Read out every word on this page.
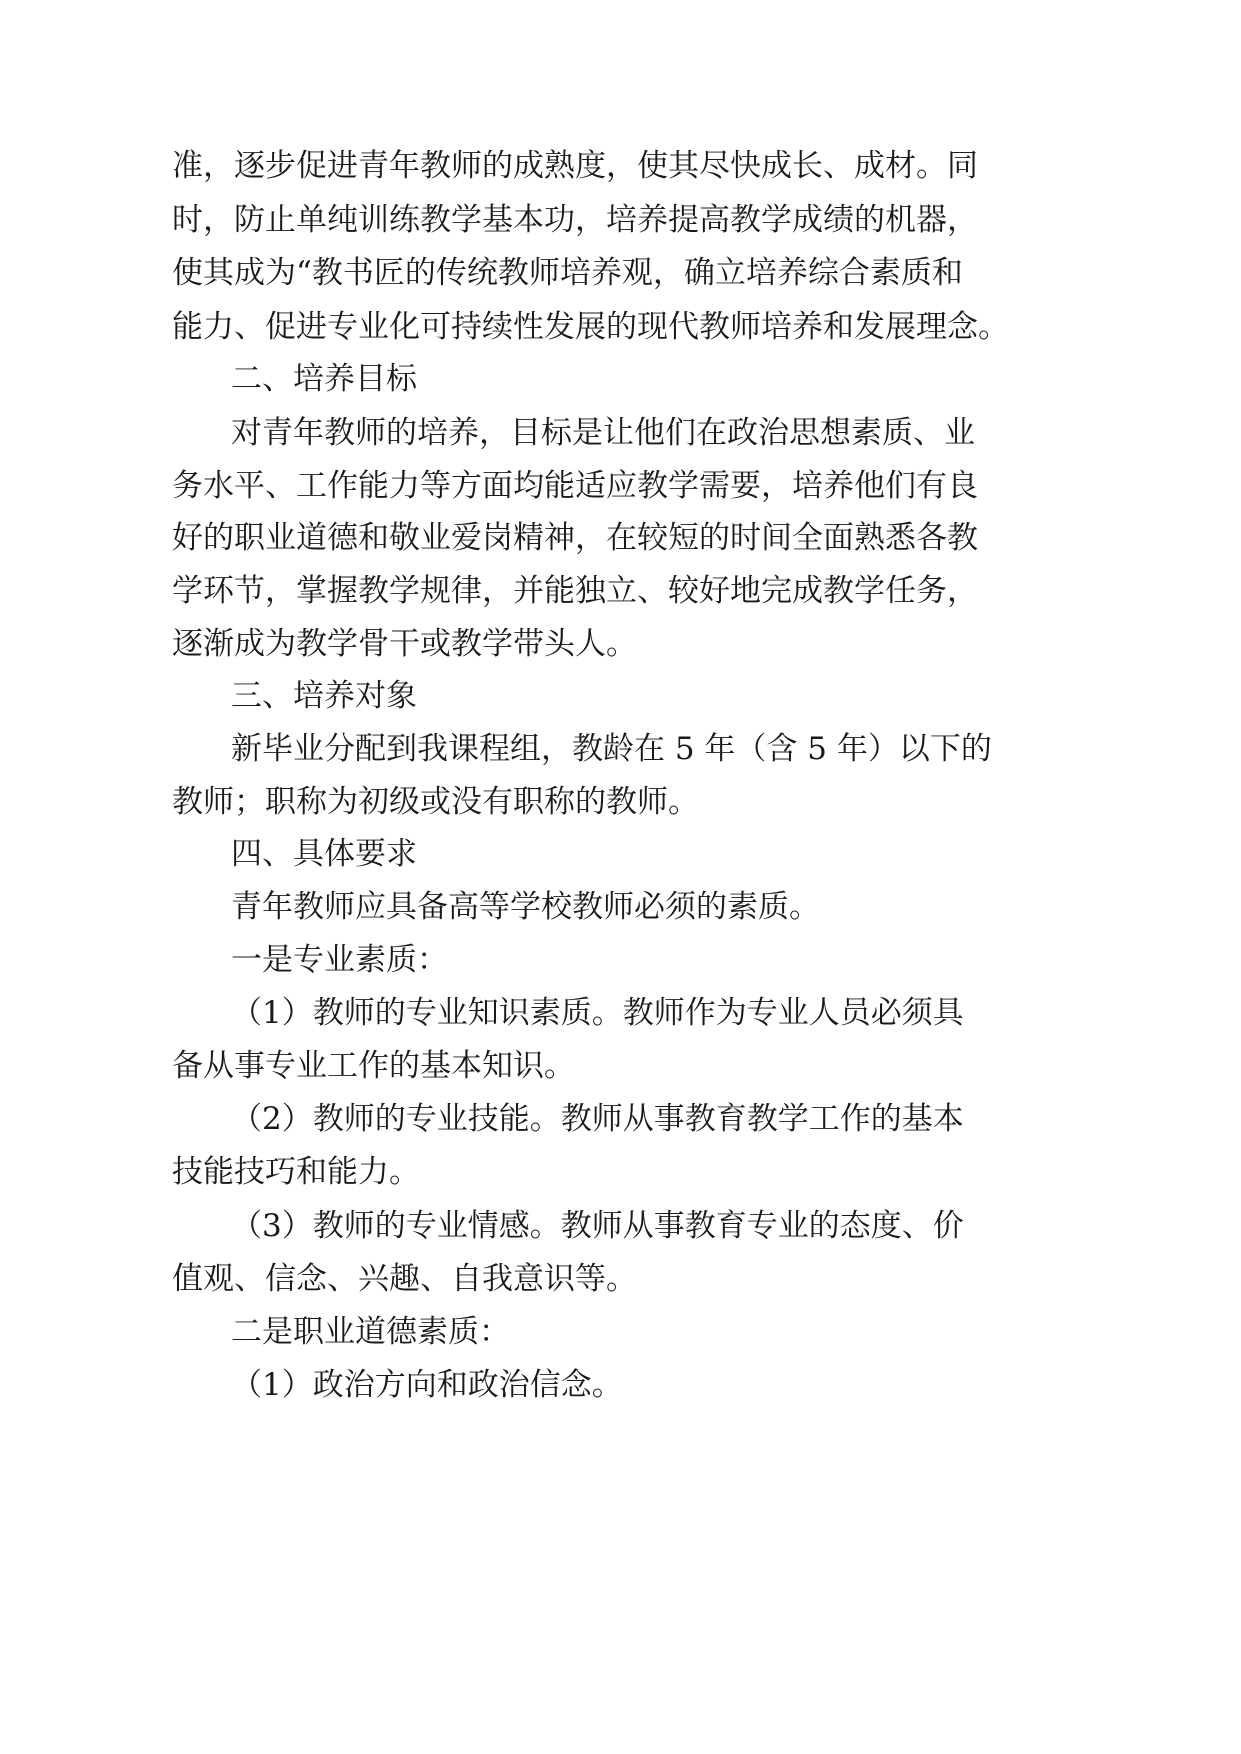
准，逐步促进青年教师的成熟度，使其尽快成长、成材。同
时，防止单纯训练教学基本功，培养提高教学成绩的机器，
使其成为“教书匠的传统教师培养观，确立培养综合素质和
能力、促进专业化可持续性发展的现代教师培养和发展理念。
二、培养目标
对青年教师的培养，目标是让他们在政治思想素质、业
务水平、工作能力等方面均能适应教学需要，培养他们有良
好的职业道德和敬业爱岗精神，在较短的时间全面熟悉各教
学环节，掌握教学规律，并能独立、较好地完成教学任务，
逐渐成为教学骨干或教学带头人。
三、培养对象
新毕业分配到我课程组，教龄在 5 年（含 5 年）以下的
教师；职称为初级或没有职称的教师。
四、具体要求
青年教师应具备高等学校教师必须的素质。
一是专业素质：
（1）教师的专业知识素质。教师作为专业人员必须具
备从事专业工作的基本知识。
（2）教师的专业技能。教师从事教育教学工作的基本
技能技巧和能力。
（3）教师的专业情感。教师从事教育专业的态度、价
值观、信念、兴趣、自我意识等。
二是职业道德素质：
（1）政治方向和政治信念。
